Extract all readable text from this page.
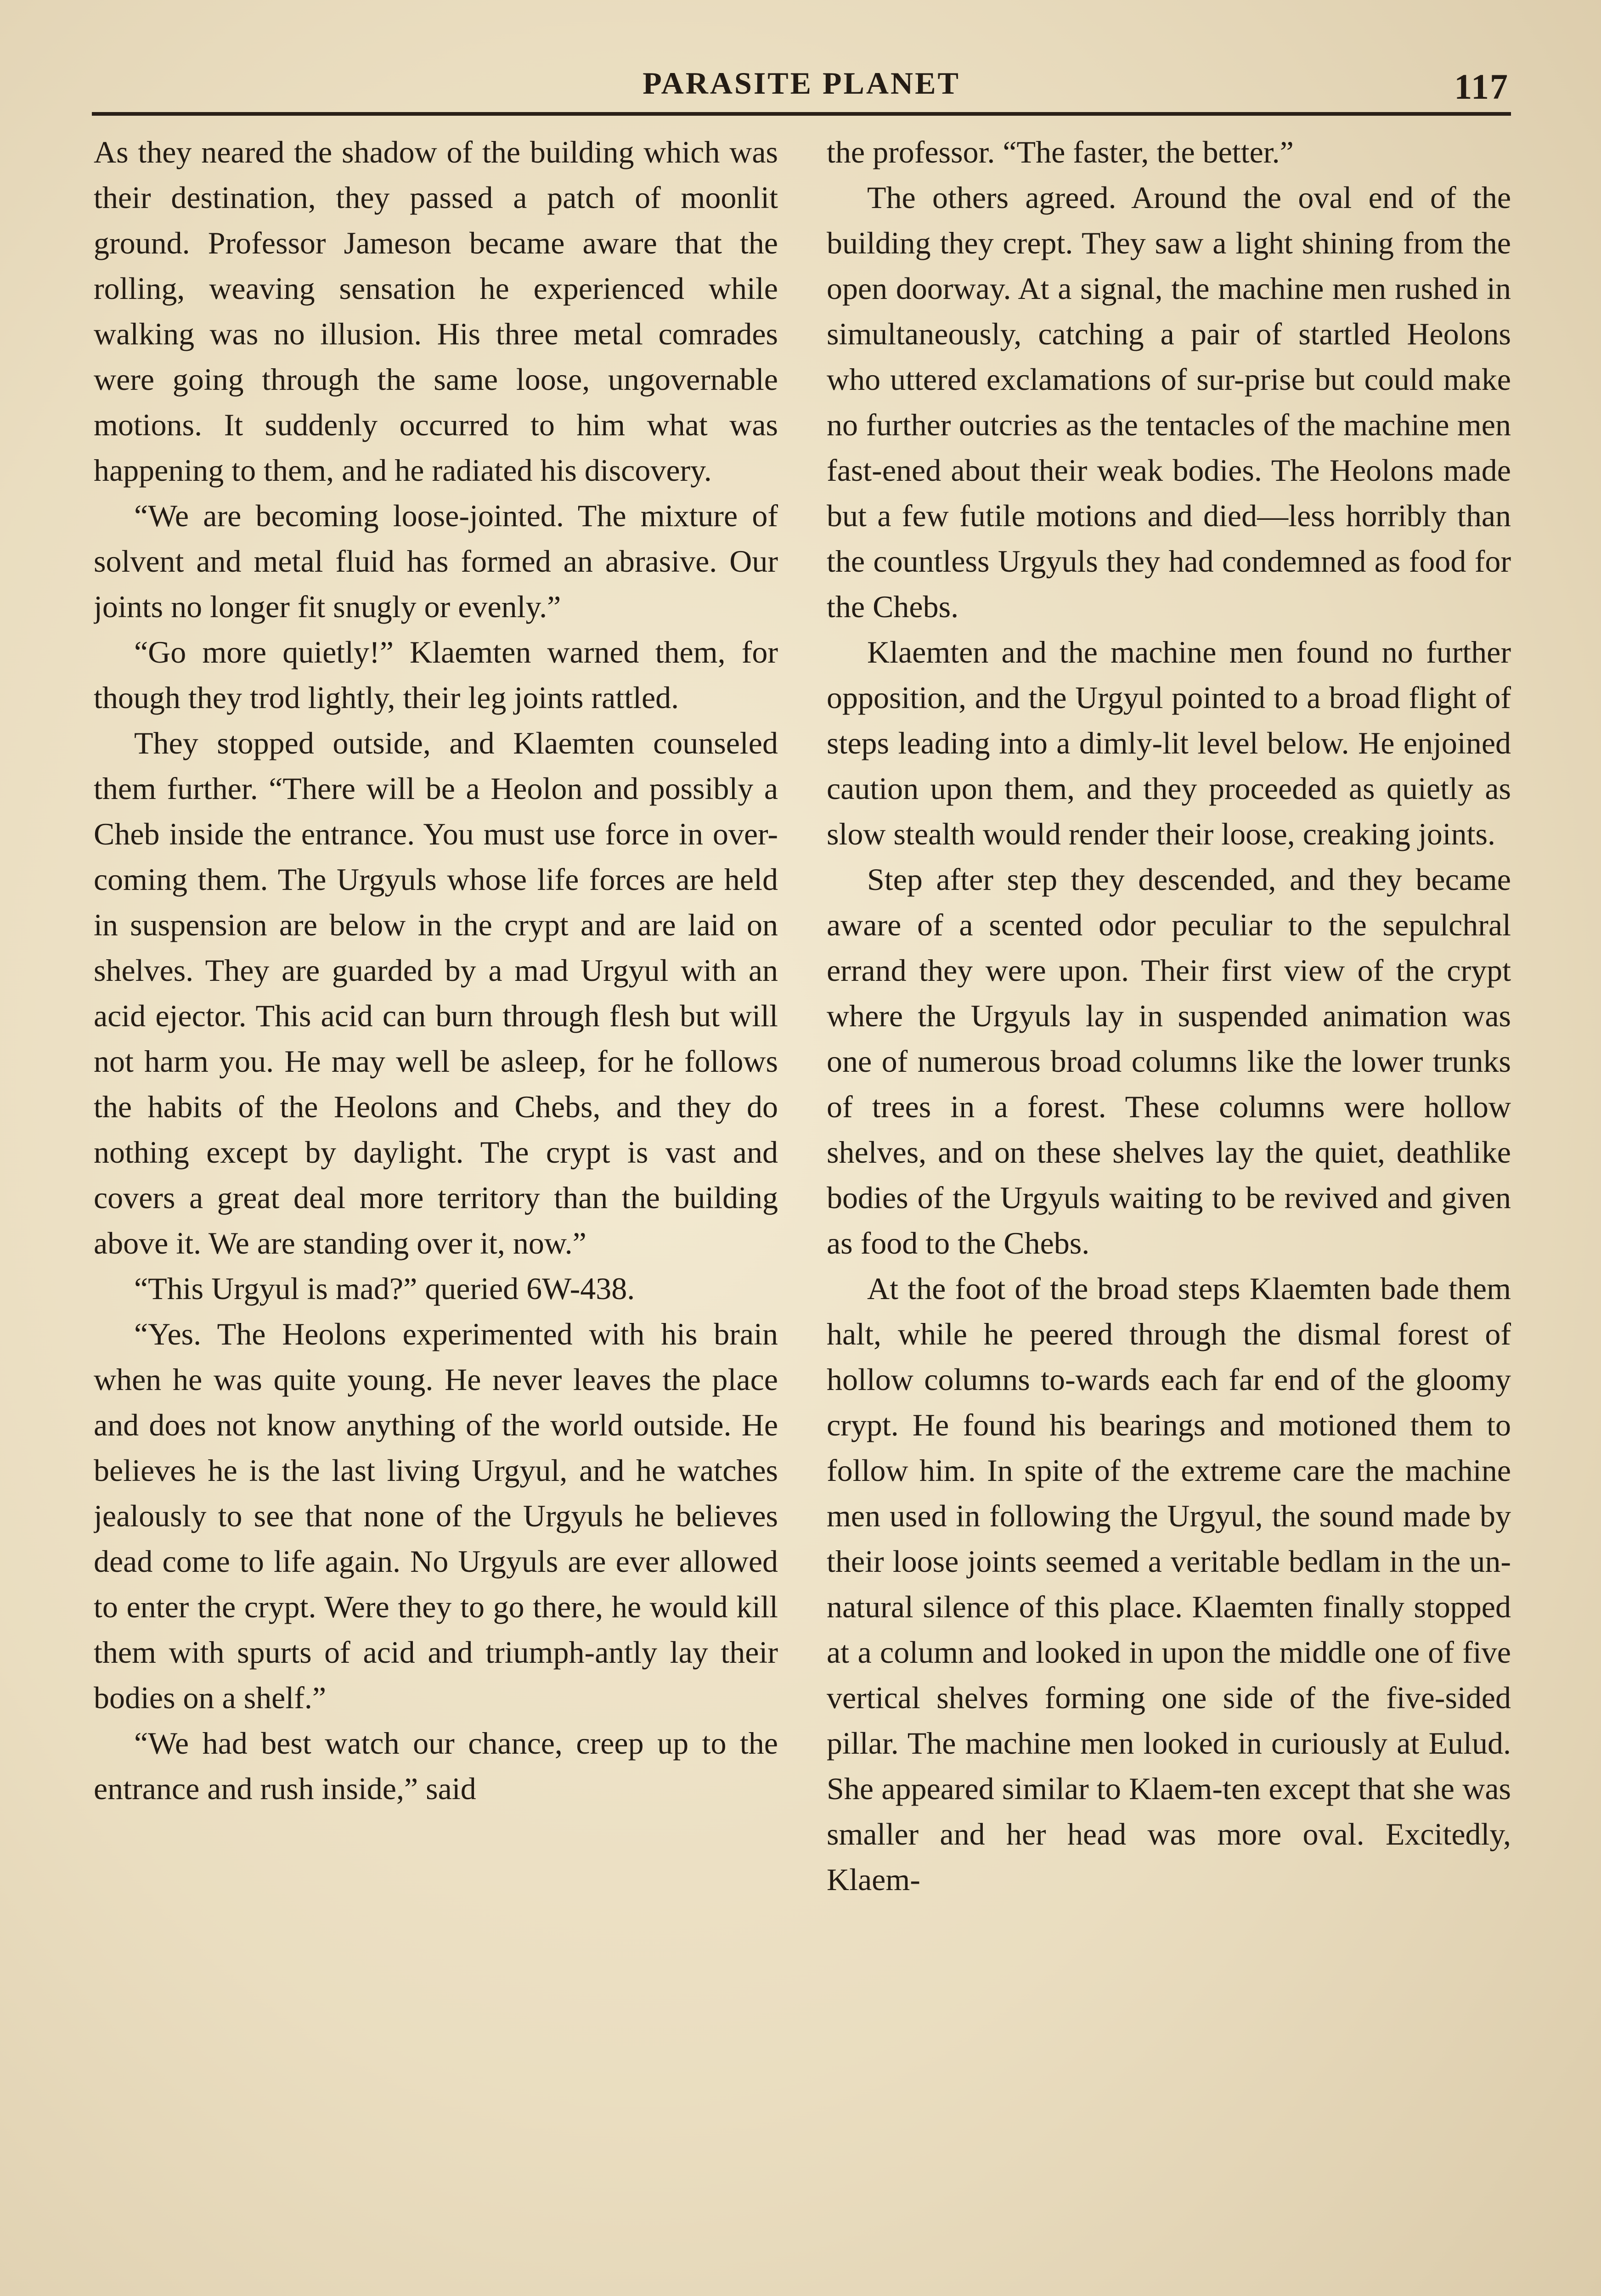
PARASITE PLANET	117

As they neared the shadow of the building which was their destination, they passed a patch of moonlit ground. Professor Jameson became aware that the rolling, weaving sensation he experienced while walking was no illusion. His three metal comrades were going through the same loose, ungovernable motions. It suddenly occurred to him what was happening to them, and he radiated his discovery.

“We are becoming loose-jointed. The mixture of solvent and metal fluid has formed an abrasive. Our joints no longer fit snugly or evenly.”

“Go more quietly!” Klaemten warned them, for though they trod lightly, their leg joints rattled.

They stopped outside, and Klaemten counseled them further. “There will be a Heolon and possibly a Cheb inside the entrance. You must use force in over-coming them. The Urgyuls whose life forces are held in suspension are below in the crypt and are laid on shelves. They are guarded by a mad Urgyul with an acid ejector. This acid can burn through flesh but will not harm you. He may well be asleep, for he follows the habits of the Heolons and Chebs, and they do nothing except by daylight. The crypt is vast and covers a great deal more territory than the building above it. We are standing over it, now.”

“This Urgyul is mad?” queried 6W-438.

“Yes. The Heolons experimented with his brain when he was quite young. He never leaves the place and does not know anything of the world outside. He believes he is the last living Urgyul, and he watches jealously to see that none of the Urgyuls he believes dead come to life again. No Urgyuls are ever allowed to enter the crypt. Were they to go there, he would kill them with spurts of acid and triumph-antly lay their bodies on a shelf.”

“We had best watch our chance, creep up to the entrance and rush inside,” said

the professor. “The faster, the better.”

The others agreed. Around the oval end of the building they crept. They saw a light shining from the open doorway. At a signal, the machine men rushed in simultaneously, catching a pair of startled Heolons who uttered exclamations of sur-prise but could make no further outcries as the tentacles of the machine men fast-ened about their weak bodies. The Heolons made but a few futile motions and died—less horribly than the countless Urgyuls they had condemned as food for the Chebs.

Klaemten and the machine men found no further opposition, and the Urgyul pointed to a broad flight of steps leading into a dimly-lit level below. He enjoined caution upon them, and they proceeded as quietly as slow stealth would render their loose, creaking joints.

Step after step they descended, and they became aware of a scented odor peculiar to the sepulchral errand they were upon. Their first view of the crypt where the Urgyuls lay in suspended animation was one of numerous broad columns like the lower trunks of trees in a forest. These columns were hollow shelves, and on these shelves lay the quiet, deathlike bodies of the Urgyuls waiting to be revived and given as food to the Chebs.

At the foot of the broad steps Klaemten bade them halt, while he peered through the dismal forest of hollow columns to-wards each far end of the gloomy crypt. He found his bearings and motioned them to follow him. In spite of the extreme care the machine men used in following the Urgyul, the sound made by their loose joints seemed a veritable bedlam in the un-natural silence of this place. Klaemten finally stopped at a column and looked in upon the middle one of five vertical shelves forming one side of the five-sided pillar. The machine men looked in curiously at Eulud. She appeared similar to Klaem-ten except that she was smaller and her head was more oval. Excitedly, Klaem-
